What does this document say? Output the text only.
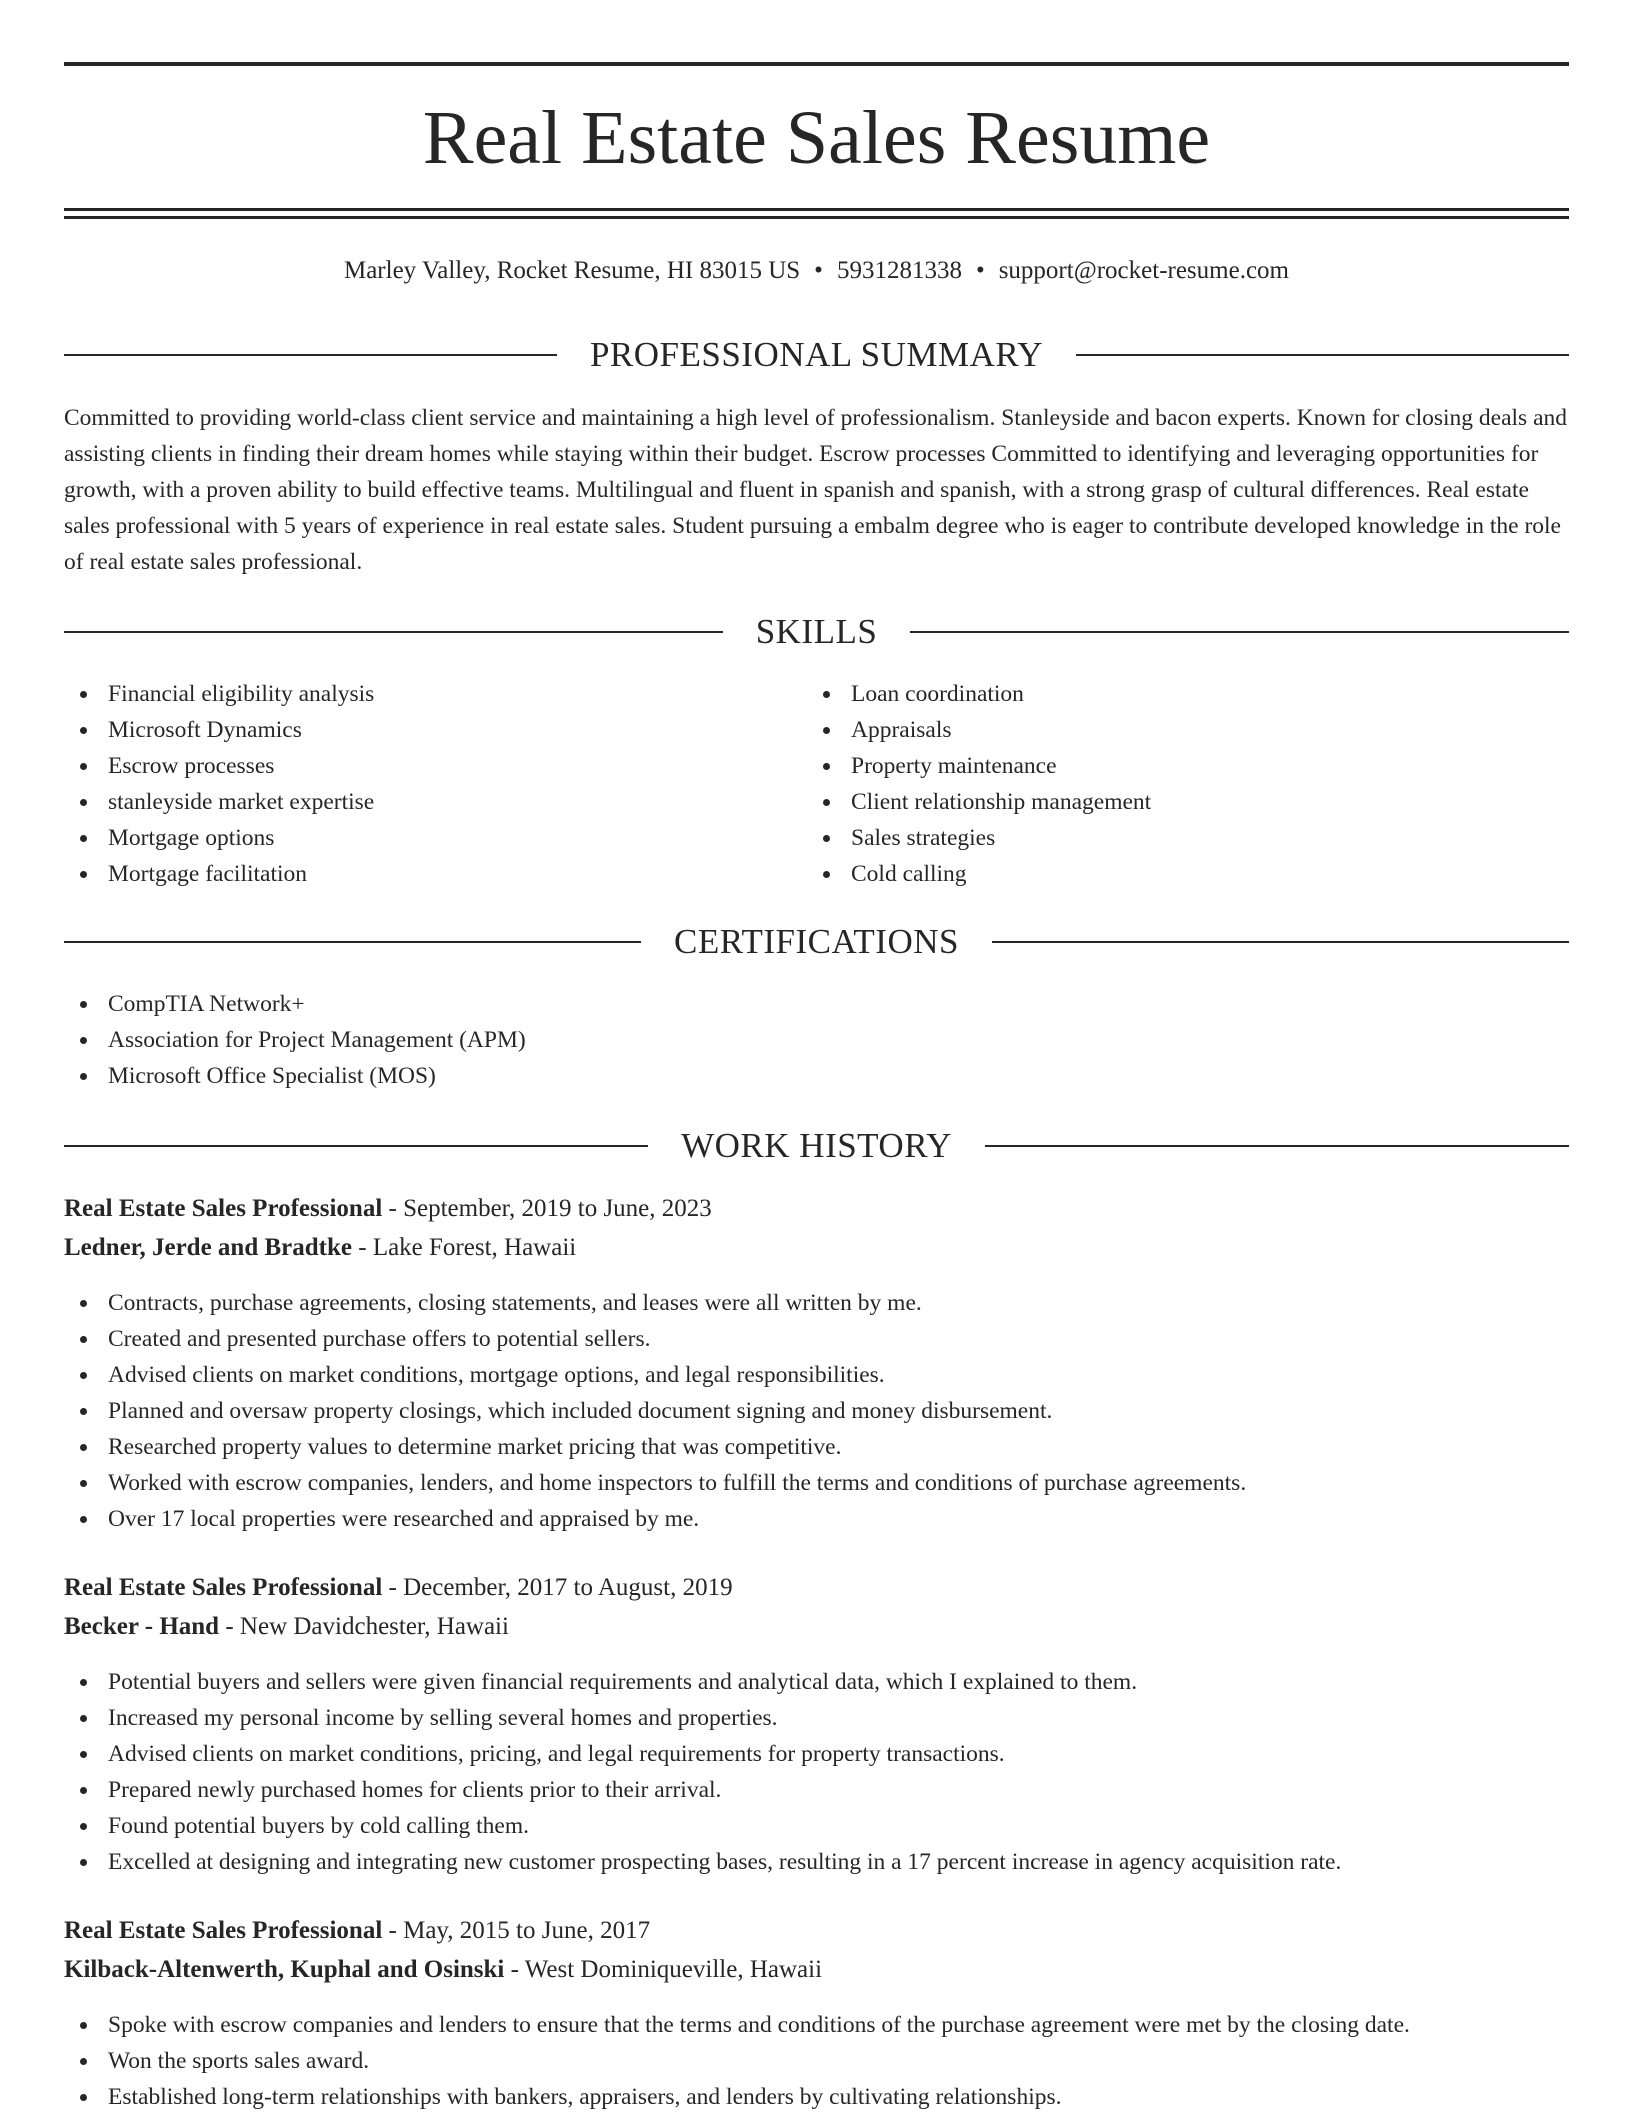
Real Estate Sales Resume
Marley Valley, Rocket Resume, HI 83015 US • 5931281338 • support@rocket-resume.com
PROFESSIONAL SUMMARY

Committed to providing world-class client service and maintaining a high level of professionalism. Stanleyside and bacon experts. Known for closing deals and assisting clients in finding their dream homes while staying within their budget. Escrow processes Committed to identifying and leveraging opportunities for growth, with a proven ability to build effective teams. Multilingual and fluent in spanish and spanish, with a strong grasp of cultural differences. Real estate sales professional with 5 years of experience in real estate sales. Student pursuing a embalm degree who is eager to contribute developed knowledge in the role of real estate sales professional.

SKILLS
Financial eligibility analysis
Microsoft Dynamics
Escrow processes
stanleyside market expertise
Mortgage options
Mortgage facilitation
Loan coordination
Appraisals
Property maintenance
Client relationship management
Sales strategies
Cold calling
CERTIFICATIONS
CompTIA Network+
Association for Project Management (APM)
Microsoft Office Specialist (MOS)
WORK HISTORY
Real Estate Sales Professional - September, 2019 to June, 2023
Ledner, Jerde and Bradtke - Lake Forest, Hawaii
Contracts, purchase agreements, closing statements, and leases were all written by me.
Created and presented purchase offers to potential sellers.
Advised clients on market conditions, mortgage options, and legal responsibilities.
Planned and oversaw property closings, which included document signing and money disbursement.
Researched property values to determine market pricing that was competitive.
Worked with escrow companies, lenders, and home inspectors to fulfill the terms and conditions of purchase agreements.
Over 17 local properties were researched and appraised by me.
Real Estate Sales Professional - December, 2017 to August, 2019
Becker - Hand - New Davidchester, Hawaii
Potential buyers and sellers were given financial requirements and analytical data, which I explained to them.
Increased my personal income by selling several homes and properties.
Advised clients on market conditions, pricing, and legal requirements for property transactions.
Prepared newly purchased homes for clients prior to their arrival.
Found potential buyers by cold calling them.
Excelled at designing and integrating new customer prospecting bases, resulting in a 17 percent increase in agency acquisition rate.
Real Estate Sales Professional - May, 2015 to June, 2017
Kilback-Altenwerth, Kuphal and Osinski - West Dominiqueville, Hawaii
Spoke with escrow companies and lenders to ensure that the terms and conditions of the purchase agreement were met by the closing date.
Won the sports sales award.
Established long-term relationships with bankers, appraisers, and lenders by cultivating relationships.
